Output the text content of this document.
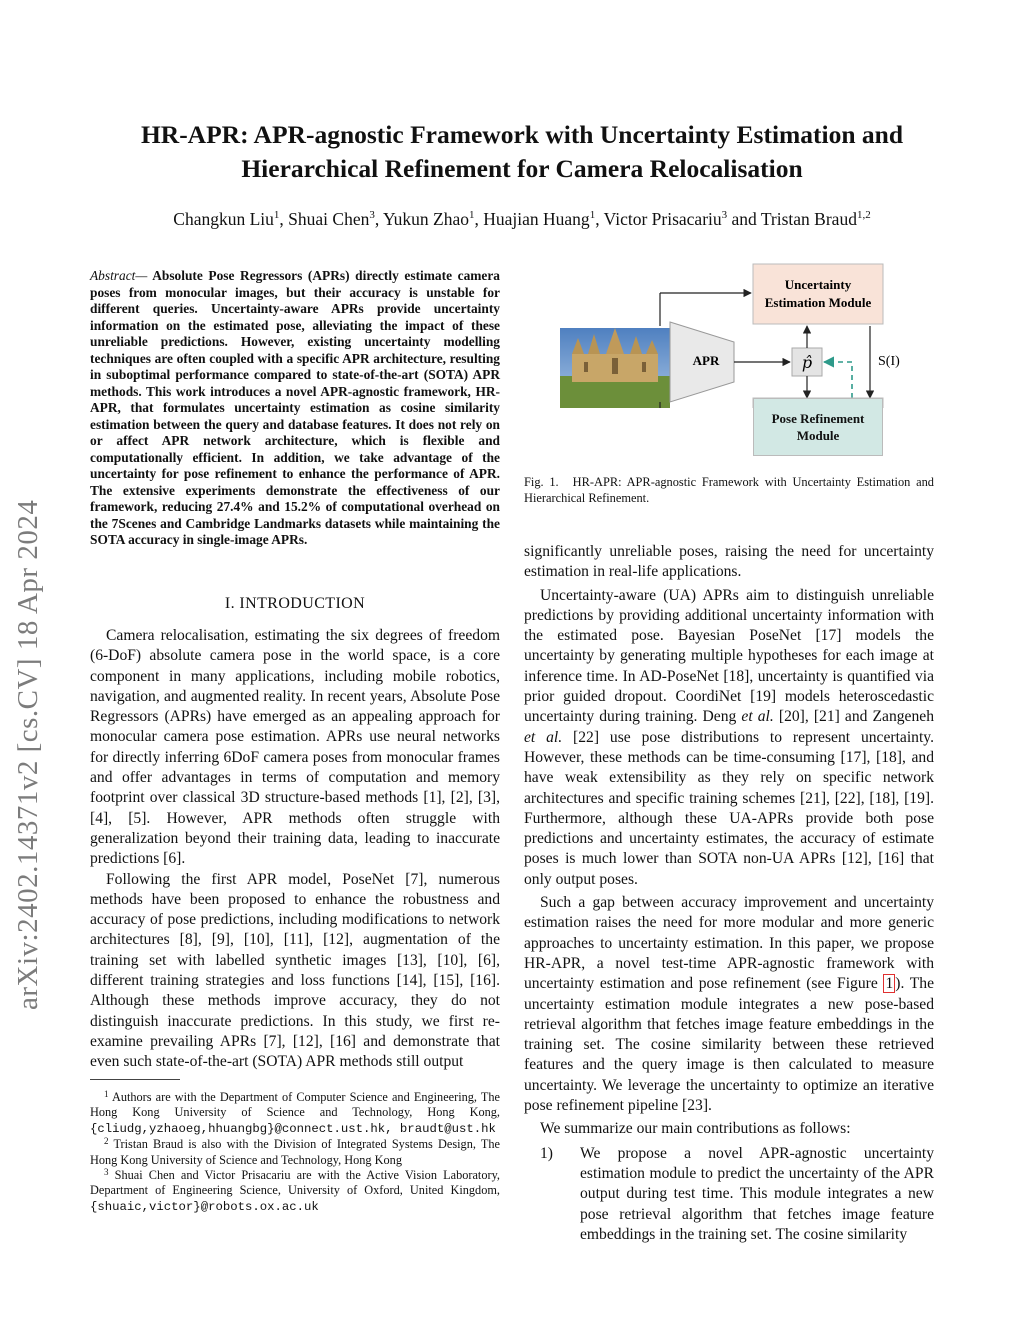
arXiv:2402.14371v2 [cs.CV] 18 Apr 2024
HR-APR: APR-agnostic Framework with Uncertainty Estimation and
Hierarchical Refinement for Camera Relocalisation
Changkun Liu$^1$, Shuai Chen$^3$, Yukun Zhao$^1$, Huajian Huang$^1$, Victor Prisacariu$^3$ and Tristan Braud$^{1,2}$
Abstract— Absolute Pose Regressors (APRs) directly estimate camera poses from monocular images, but their accuracy is unstable for different queries. Uncertainty-aware APRs provide uncertainty information on the estimated pose, alleviating the impact of these unreliable predictions. However, existing uncertainty modelling techniques are often coupled with a specific APR architecture, resulting in suboptimal performance compared to state-of-the-art (SOTA) APR methods. This work introduces a novel APR-agnostic framework, HR-APR, that formulates uncertainty estimation as cosine similarity estimation between the query and database features. It does not rely on or affect APR network architecture, which is flexible and computationally efficient. In addition, we take advantage of the uncertainty for pose refinement to enhance the performance of APR. The extensive experiments demonstrate the effectiveness of our framework, reducing 27.4% and 15.2% of computational overhead on the 7Scenes and Cambridge Landmarks datasets while maintaining the SOTA accuracy in single-image APRs.
I. INTRODUCTION

Camera relocalisation, estimating the six degrees of freedom (6-DoF) absolute camera pose in the world space, is a core component in many applications, including mobile robotics, navigation, and augmented reality. In recent years, Absolute Pose Regressors (APRs) have emerged as an appealing approach for monocular camera pose estimation. APRs use neural networks for directly inferring 6DoF camera poses from monocular frames and offer advantages in terms of computation and memory footprint over classical 3D structure-based methods [1], [2], [3], [4], [5]. However, APR methods often struggle with generalization beyond their training data, leading to inaccurate predictions [6].

Following the first APR model, PoseNet [7], numerous methods have been proposed to enhance the robustness and accuracy of pose predictions, including modifications to network architectures [8], [9], [10], [11], [12], augmentation of the training set with labelled synthetic images [13], [10], [6], different training strategies and loss functions [14], [15], [16]. Although these methods improve accuracy, they do not distinguish inaccurate predictions. In this study, we first re-examine prevailing APRs [7], [12], [16] and demonstrate that even such state-of-the-art (SOTA) APR methods still output

$^1$ Authors are with the Department of Computer Science and Engineering, The Hong Kong University of Science and Technology, Hong Kong, {cliudg,yzhaoeg,hhuangbg}@connect.ust.hk, braudt@ust.hk
$^2$ Tristan Braud is also with the Division of Integrated Systems Design, The Hong Kong University of Science and Technology, Hong Kong
$^3$ Shuai Chen and Victor Prisacariu are with the Active Vision Laboratory, Department of Engineering Science, University of Oxford, United Kingdom, {shuaic,victor}@robots.ox.ac.uk
APR
Uncertainty
Estimation Module
p̂	S(I)
Pose Refinement
Module
Fig. 1. HR-APR: APR-agnostic Framework with Uncertainty Estimation and Hierarchical Refinement.

significantly unreliable poses, raising the need for uncertainty estimation in real-life applications.

Uncertainty-aware (UA) APRs aim to distinguish unreliable predictions by providing additional uncertainty information with the estimated pose. Bayesian PoseNet [17] models the uncertainty by generating multiple hypotheses for each image at inference time. In AD-PoseNet [18], uncertainty is quantified via prior guided dropout. CoordiNet [19] models heteroscedastic uncertainty during training. Deng et al. [20], [21] and Zangeneh et al. [22] use pose distributions to represent uncertainty. However, these methods can be time-consuming [17], [18], and have weak extensibility as they rely on specific network architectures and specific training schemes [21], [22], [18], [19]. Furthermore, although these UA-APRs provide both pose predictions and uncertainty estimates, the accuracy of estimate poses is much lower than SOTA non-UA APRs [12], [16] that only output poses.

Such a gap between accuracy improvement and uncertainty estimation raises the need for more modular and more generic approaches to uncertainty estimation. In this paper, we propose HR-APR, a novel test-time APR-agnostic framework with uncertainty estimation and pose refinement (see Figure 1 ). The uncertainty estimation module integrates a new pose-based retrieval algorithm that fetches image feature embeddings in the training set. The cosine similarity between these retrieved features and the query image is then calculated to measure uncertainty. We leverage the uncertainty to optimize an iterative pose refinement pipeline [23].

We summarize our main contributions as follows:

1)	We propose a novel APR-agnostic uncertainty estimation module to predict the uncertainty of the APR output during test time. This module integrates a new pose retrieval algorithm that fetches image feature embeddings in the training set. The cosine similarity
